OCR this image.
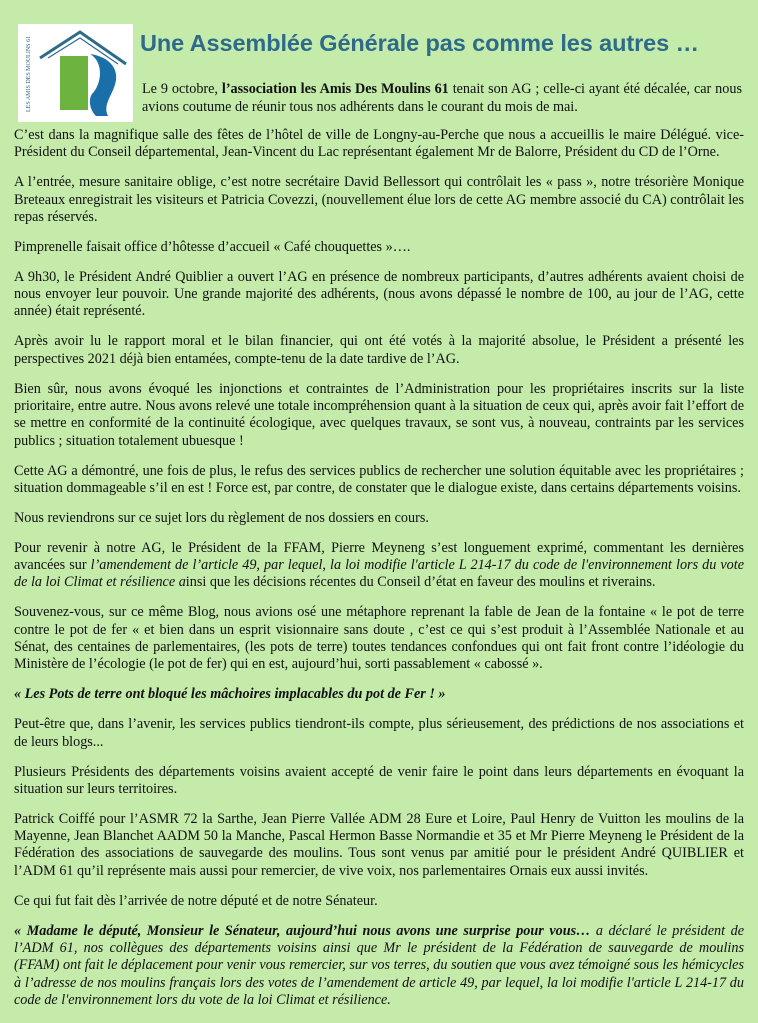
LES AMIS DES MOULINS 61	Une Assemblée Générale pas comme les autres …

Le 9 octobre, l’association les Amis Des Moulins 61 tenait son AG ; celle-ci ayant été décalée, car nous avions coutume de réunir tous nos adhérents dans le courant du mois de mai.

C’est dans la magnifique salle des fêtes de l’hôtel de ville de Longny-au-Perche que nous a accueillis le maire Délégué. vice-Président du Conseil départemental, Jean-Vincent du Lac représentant également Mr de Balorre, Président du CD de l’Orne.

A l’entrée, mesure sanitaire oblige, c’est notre secrétaire David Bellessort qui contrôlait les « pass », notre trésorière Monique Breteaux enregistrait les visiteurs et Patricia Covezzi, (nouvellement élue lors de cette AG membre associé du CA) contrôlait les repas réservés.

Pimprenelle faisait office d’hôtesse d’accueil « Café chouquettes »….

A 9h30, le Président André Quiblier a ouvert l’AG en présence de nombreux participants, d’autres adhérents avaient choisi de nous envoyer leur pouvoir. Une grande majorité des adhérents, (nous avons dépassé le nombre de 100, au jour de l’AG, cette année) était représenté.

Après avoir lu le rapport moral et le bilan financier, qui ont été votés à la majorité absolue, le Président a présenté les perspectives 2021 déjà bien entamées, compte-tenu de la date tardive de l’AG.

Bien sûr, nous avons évoqué les injonctions et contraintes de l’Administration pour les propriétaires inscrits sur la liste prioritaire, entre autre. Nous avons relevé une totale incompréhension quant à la situation de ceux qui, après avoir fait l’effort de se mettre en conformité de la continuité écologique, avec quelques travaux, se sont vus, à nouveau, contraints par les services publics ; situation totalement ubuesque !

Cette AG a démontré, une fois de plus, le refus des services publics de rechercher une solution équitable avec les propriétaires ; situation dommageable s’il en est ! Force est, par contre, de constater que le dialogue existe, dans certains départements voisins.

Nous reviendrons sur ce sujet lors du règlement de nos dossiers en cours.

Pour revenir à notre AG, le Président de la FFAM, Pierre Meyneng s’est longuement exprimé, commentant les dernières avancées sur l’amendement de l’article 49, par lequel, la loi modifie l'article L 214-17 du code de l'environnement lors du vote de la loi Climat et résilience ainsi que les décisions récentes du Conseil d’état en faveur des moulins et riverains.

Souvenez-vous, sur ce même Blog, nous avions osé une métaphore reprenant la fable de Jean de la fontaine « le pot de terre contre le pot de fer « et bien dans un esprit visionnaire sans doute , c’est ce qui s’est produit à l’Assemblée Nationale et au Sénat, des centaines de parlementaires, (les pots de terre) toutes tendances confondues qui ont fait front contre l’idéologie du Ministère de l’écologie (le pot de fer) qui en est, aujourd’hui, sorti passablement « cabossé ».

« Les Pots de terre ont bloqué les mâchoires implacables du pot de Fer ! »

Peut-être que, dans l’avenir, les services publics tiendront-ils compte, plus sérieusement, des prédictions de nos associations et de leurs blogs...

Plusieurs Présidents des départements voisins avaient accepté de venir faire le point dans leurs départements en évoquant la situation sur leurs territoires.

Patrick Coiffé pour l’ASMR 72 la Sarthe, Jean Pierre Vallée ADM 28 Eure et Loire, Paul Henry de Vuitton les moulins de la Mayenne, Jean Blanchet AADM 50 la Manche, Pascal Hermon Basse Normandie et 35 et Mr Pierre Meyneng le Président de la Fédération des associations de sauvegarde des moulins. Tous sont venus par amitié pour le président André QUIBLIER et l’ADM 61 qu’il représente mais aussi pour remercier, de vive voix, nos parlementaires Ornais eux aussi invités.

Ce qui fut fait dès l’arrivée de notre député et de notre Sénateur.

« Madame le député, Monsieur le Sénateur, aujourd’hui nous avons une surprise pour vous… a déclaré le président de l’ADM 61, nos collègues des départements voisins ainsi que Mr le président de la Fédération de sauvegarde de moulins (FFAM) ont fait le déplacement pour venir vous remercier, sur vos terres, du soutien que vous avez témoigné sous les hémicycles à l’adresse de nos moulins français lors des votes de l’amendement de article 49, par lequel, la loi modifie l'article L 214-17 du code de l'environnement lors du vote de la loi Climat et résilience.
